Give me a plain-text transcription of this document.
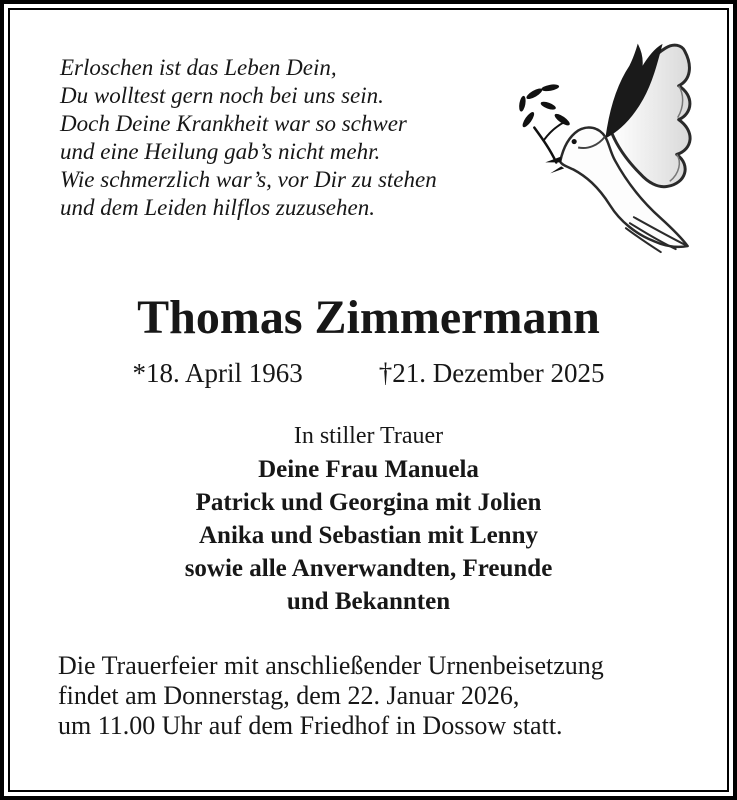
Erloschen ist das Leben Dein,
Du wolltest gern noch bei uns sein.
Doch Deine Krankheit war so schwer
und eine Heilung gab’s nicht mehr.
Wie schmerzlich war’s, vor Dir zu stehen
und dem Leiden hilflos zuzusehen.
Thomas Zimmermann
*18. April 1963	†21. Dezember 2025
In stiller Trauer
Deine Frau Manuela
Patrick und Georgina mit Jolien
Anika und Sebastian mit Lenny
sowie alle Anverwandten, Freunde
und Bekannten
Die Trauerfeier mit anschließender Urnenbeisetzung
findet am Donnerstag, dem 22. Januar 2026,
um 11.00 Uhr auf dem Friedhof in Dossow statt.
